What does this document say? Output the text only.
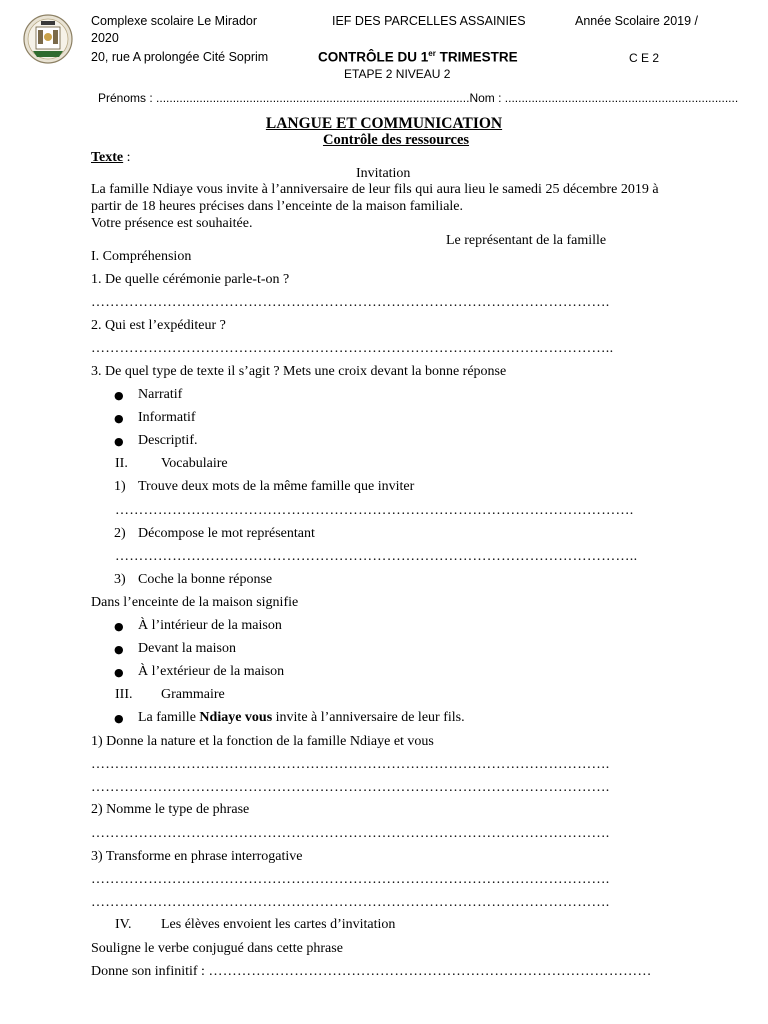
Complexe scolaire Le Mirador
2020
20, rue A prolongée Cité Soprim
IEF DES PARCELLES ASSAINIES
CONTRÔLE DU 1er TRIMESTRE
ETAPE 2 NIVEAU 2
Année Scolaire 2019 /
C E 2
Prénoms : ..............................................................................................Nom : ......................................................................
LANGUE ET COMMUNICATION
Contrôle des ressources
Texte :
Invitation
La famille Ndiaye vous invite à l’anniversaire de leur fils qui aura lieu le samedi 25 décembre 2019 à
partir de 18 heures précises dans l’enceinte de la maison familiale.
Votre présence est souhaitée.
Le représentant de la famille
I. Compréhension
1. De quelle cérémonie parle-t-on ?
……………………………………………………………………………………………….
2. Qui est l’expéditeur ?
………………………………………………………………………………………………..
3. De quel type de texte il s’agit ? Mets une croix devant la bonne réponse
● Narratif
● Informatif
● Descriptif.
II. Vocabulaire
1) Trouve deux mots de la même famille que inviter
……………………………………………………………………………………………….
2) Décompose le mot représentant
………………………………………………………………………………………………..
3) Coche la bonne réponse
Dans l’enceinte de la maison signifie
● À l’intérieur de la maison
● Devant la maison
● À l’extérieur de la maison
III. Grammaire
● La famille Ndiaye vous invite à l’anniversaire de leur fils.
1) Donne la nature et la fonction de la famille Ndiaye et vous
……………………………………………………………………………………………….
……………………………………………………………………………………………….
2) Nomme le type de phrase
……………………………………………………………………………………………….
3) Transforme en phrase interrogative
……………………………………………………………………………………………….
……………………………………………………………………………………………….
IV. Les élèves envoient les cartes d’invitation
Souligne le verbe conjugué dans cette phrase
Donne son infinitif : …………………………………………………………………………………
